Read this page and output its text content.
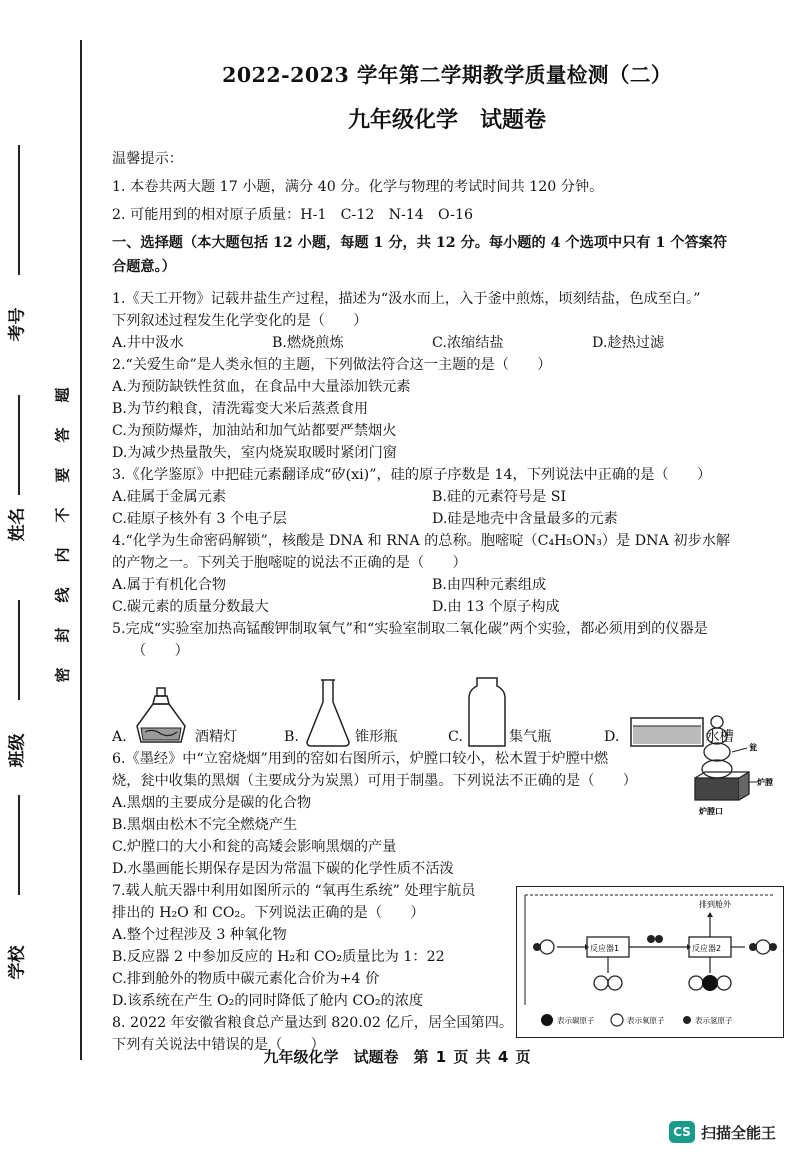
考号
姓名
班级
学校
题
答
要
不
内
线
封
密
2022-2023 学年第二学期教学质量检测（二）
九年级化学　试题卷
温馨提示：
1. 本卷共两大题 17 小题，满分 40 分。化学与物理的考试时间共 120 分钟。
2. 可能用到的相对原子质量：H-1　C-12　N-14　O-16
一、选择题（本大题包括 12 小题，每题 1 分，共 12 分。每小题的 4 个选项中只有 1 个答案符
合题意。）
1.《天工开物》记载井盐生产过程，描述为“汲水而上，入于釜中煎炼，顷刻结盐，色成至白。”
下列叙述过程发生化学变化的是（　　）
A.井中汲水	B.燃烧煎炼	C.浓缩结盐	D.趁热过滤
2.“关爱生命”是人类永恒的主题，下列做法符合这一主题的是（　　）
A.为预防缺铁性贫血，在食品中大量添加铁元素
B.为节约粮食，清洗霉变大米后蒸煮食用
C.为预防爆炸，加油站和加气站都要严禁烟火
D.为减少热量散失，室内烧炭取暖时紧闭门窗
3.《化学鉴原》中把硅元素翻译成“矽(xi)”，硅的原子序数是 14，下列说法中正确的是（　　）
A.硅属于金属元素	B.硅的元素符号是 SI
C.硅原子核外有 3 个电子层	D.硅是地壳中含量最多的元素
4.“化学为生命密码解锁”，核酸是 DNA 和 RNA 的总称。胞嘧啶（C₄H₅ON₃）是 DNA 初步水解
的产物之一。下列关于胞嘧啶的说法不正确的是（　　）
A.属于有机化合物	B.由四种元素组成
C.碳元素的质量分数最大	D.由 13 个原子构成
5.完成“实验室加热高锰酸钾制取氧气”和“实验室制取二氧化碳”两个实验，都必须用到的仪器是
（　　）
A.	酒精灯	B.	锥形瓶	C.	集气瓶	D.	水槽
6.《墨经》中“立窑烧烟”用到的窑如右图所示，炉膛口较小，松木置于炉膛中燃
烧，瓮中收集的黑烟（主要成分为炭黑）可用于制墨。下列说法不正确的是（　　）
A.黑烟的主要成分是碳的化合物
B.黑烟由松木不完全燃烧产生
C.炉膛口的大小和瓮的高矮会影响黑烟的产量
D.水墨画能长期保存是因为常温下碳的化学性质不活泼
瓮
炉膛
炉膛口
7.载人航天器中利用如图所示的 “氧再生系统” 处理宇航员
排出的 H₂O 和 CO₂。下列说法正确的是（　　）
A.整个过程涉及 3 种氧化物
B.反应器 2 中参加反应的 H₂和 CO₂质量比为 1：22
C.排到舱外的物质中碳元素化合价为+4 价
D.该系统在产生 O₂的同时降低了舱内 CO₂的浓度
8. 2022 年安徽省粮食总产量达到 820.02 亿斤，居全国第四。
下列有关说法中错误的是（　　）
反应器1	反应器2
排到舱外
表示碳原子	表示氧原子	表示氢原子
九年级化学　试题卷　第 1 页 共 4 页
CS 扫描全能王
